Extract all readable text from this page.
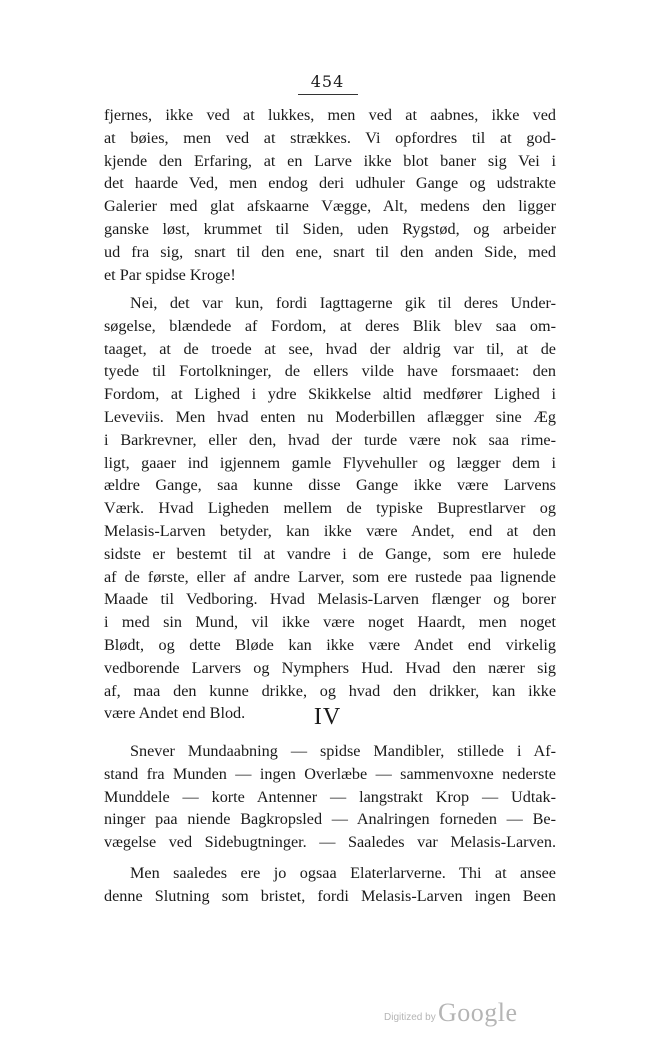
454
fjernes, ikke ved at lukkes, men ved at aabnes, ikke ved
at bøies, men ved at strækkes. Vi opfordres til at god-
kjende den Erfaring, at en Larve ikke blot baner sig Vei i
det haarde Ved, men endog deri udhuler Gange og udstrakte
Galerier med glat afskaarne Vægge, Alt, medens den ligger
ganske løst, krummet til Siden, uden Rygstød, og arbeider
ud fra sig, snart til den ene, snart til den anden Side, med
et Par spidse Kroge!
Nei, det var kun, fordi Iagttagerne gik til deres Under-
søgelse, blændede af Fordom, at deres Blik blev saa om-
taaget, at de troede at see, hvad der aldrig var til, at de
tyede til Fortolkninger, de ellers vilde have forsmaaet: den
Fordom, at Lighed i ydre Skikkelse altid medfører Lighed i
Leveviis. Men hvad enten nu Moderbillen aflægger sine Æg
i Barkrevner, eller den, hvad der turde være nok saa rime-
ligt, gaaer ind igjennem gamle Flyvehuller og lægger dem i
ældre Gange, saa kunne disse Gange ikke være Larvens
Værk. Hvad Ligheden mellem de typiske Buprestlarver og
Melasis-Larven betyder, kan ikke være Andet, end at den
sidste er bestemt til at vandre i de Gange, som ere hulede
af de første, eller af andre Larver, som ere rustede paa lignende
Maade til Vedboring. Hvad Melasis-Larven flænger og borer
i med sin Mund, vil ikke være noget Haardt, men noget
Blødt, og dette Bløde kan ikke være Andet end virkelig
vedborende Larvers og Nymphers Hud. Hvad den nærer sig
af, maa den kunne drikke, og hvad den drikker, kan ikke
være Andet end Blod.	IV
Snever Mundaabning — spidse Mandibler, stillede i Af-
stand fra Munden — ingen Overlæbe — sammenvoxne nederste
Munddele — korte Antenner — langstrakt Krop — Udtak-
ninger paa niende Bagkropsled — Analringen forneden — Be-
vægelse ved Sidebugtninger. — Saaledes var Melasis-Larven.
Men saaledes ere jo ogsaa Elaterlarverne. Thi at ansee
denne Slutning som bristet, fordi Melasis-Larven ingen Been
Digitized by Google
